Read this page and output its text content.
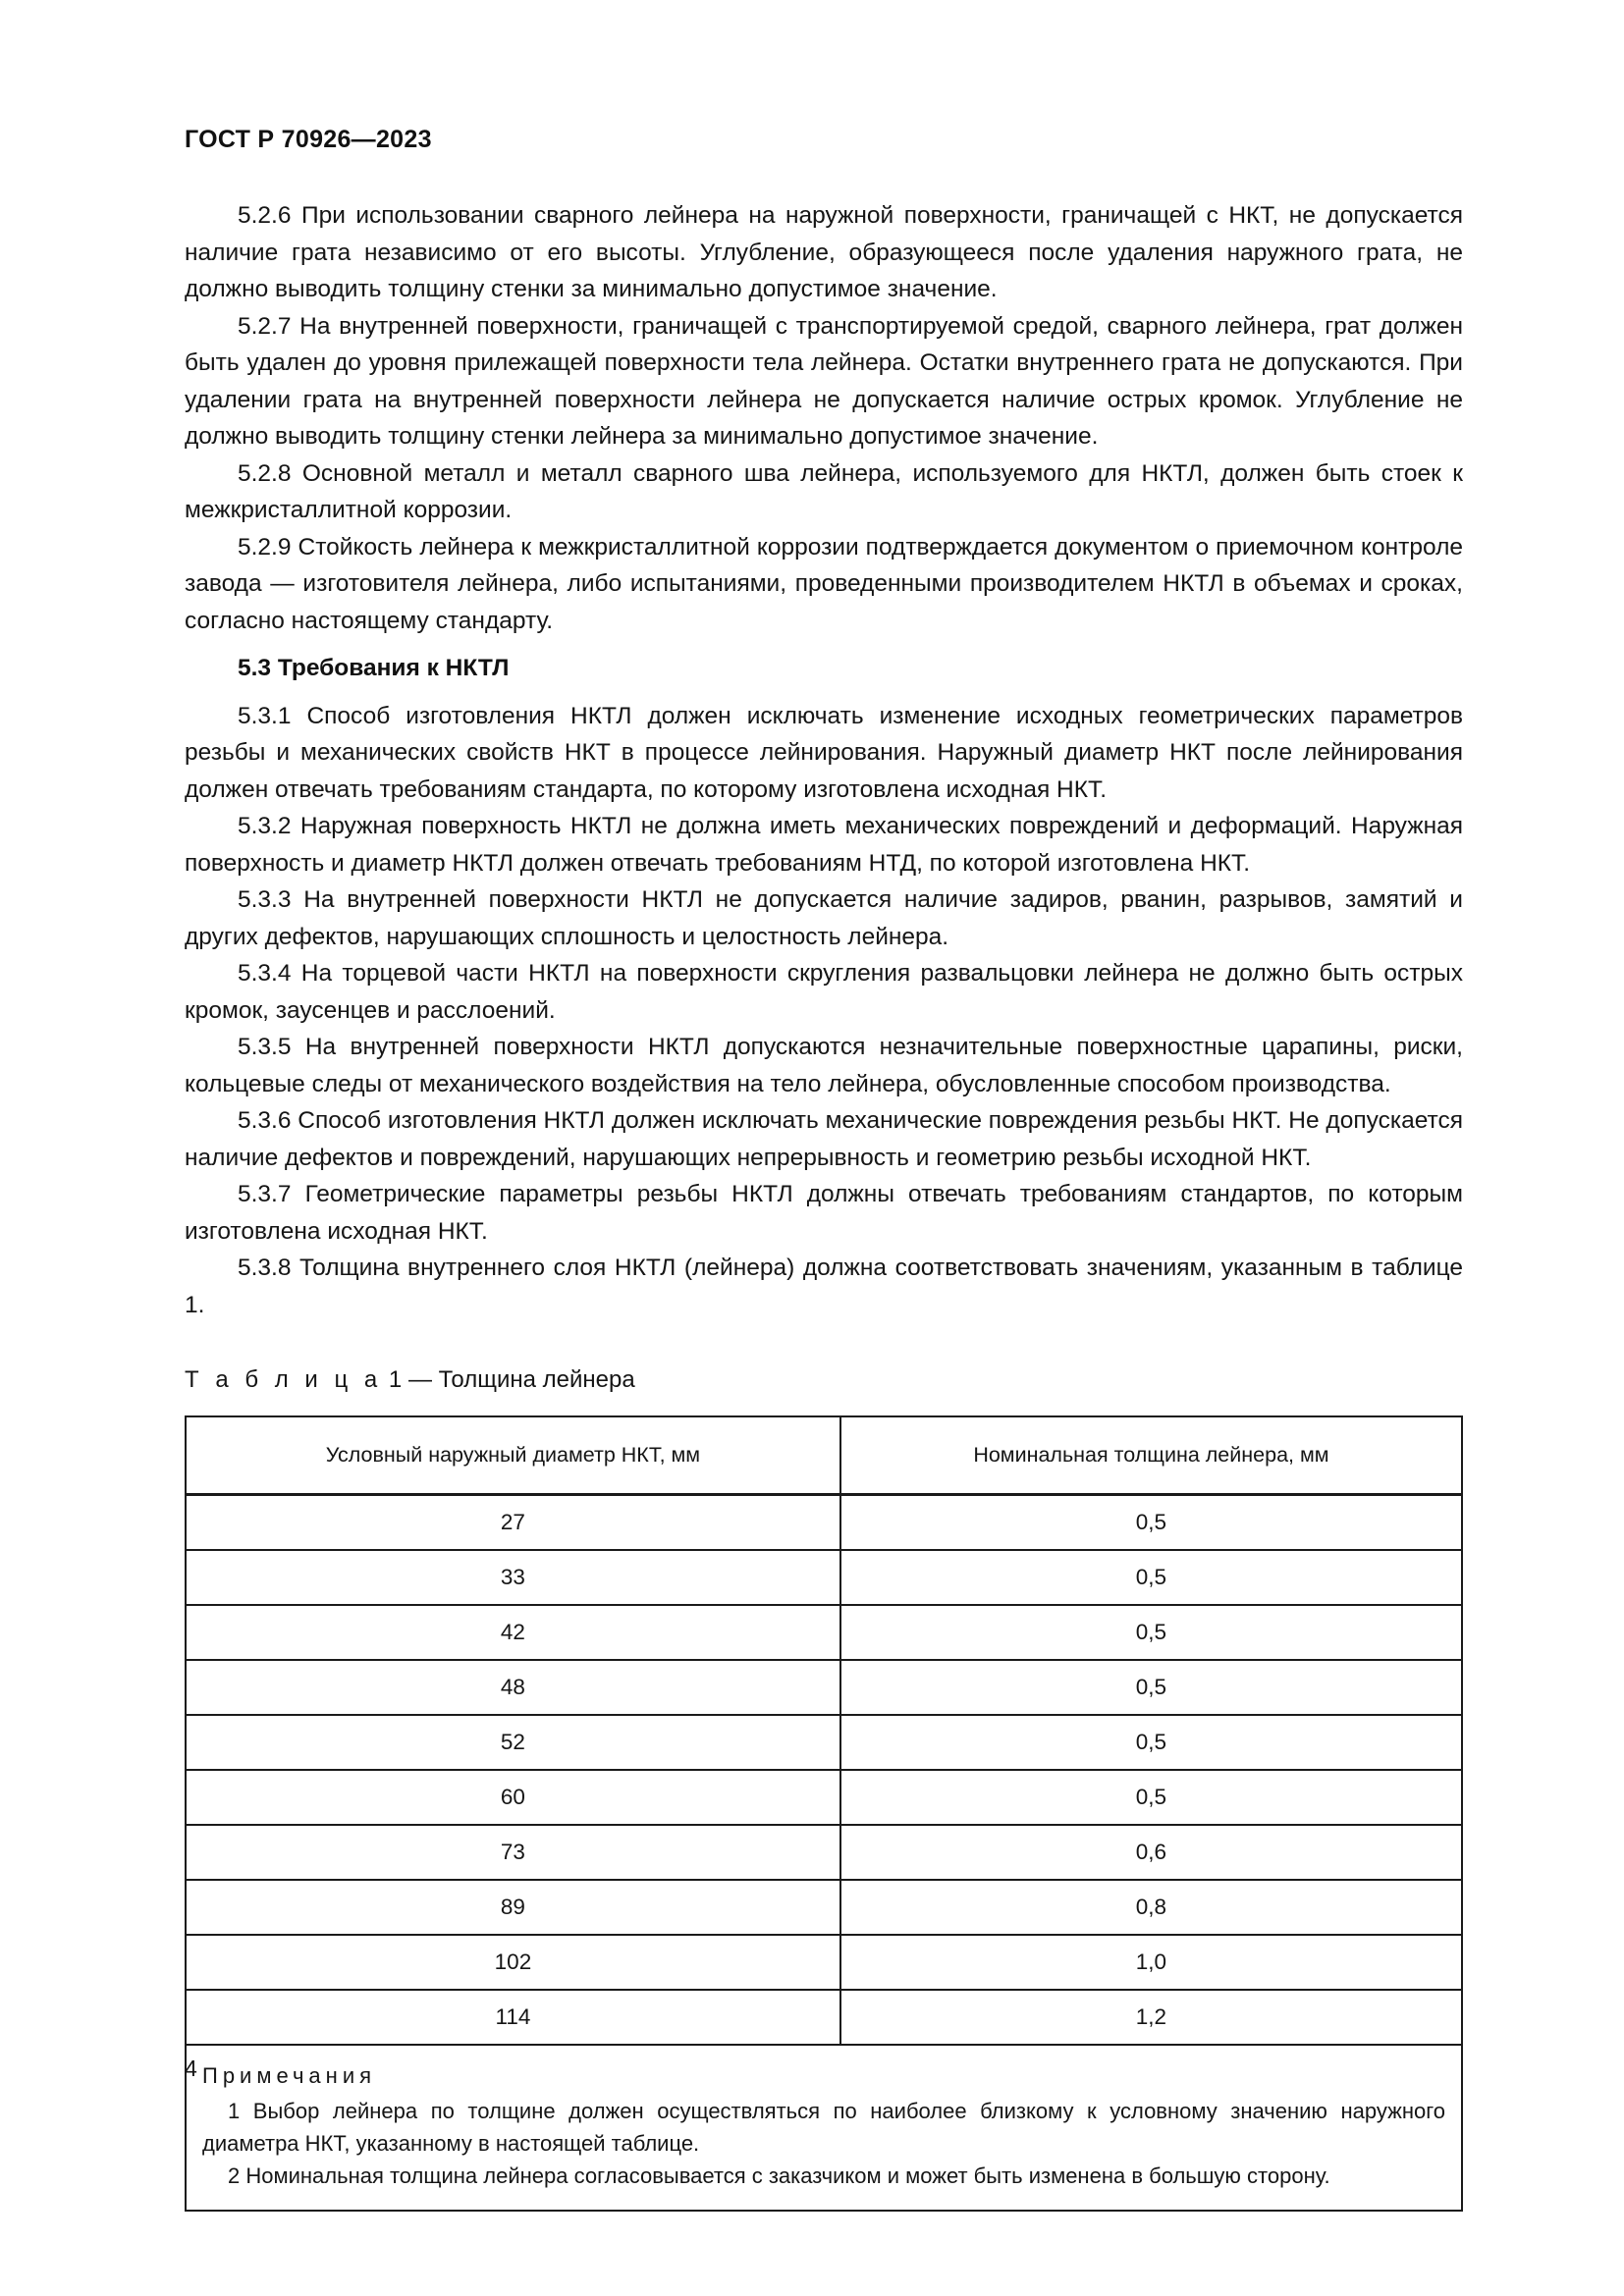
ГОСТ Р 70926—2023

5.2.6 При использовании сварного лейнера на наружной поверхности, граничащей с НКТ, не допускается наличие грата независимо от его высоты. Углубление, образующееся после удаления наружного грата, не должно выводить толщину стенки за минимально допустимое значение.

5.2.7 На внутренней поверхности, граничащей с транспортируемой средой, сварного лейнера, грат должен быть удален до уровня прилежащей поверхности тела лейнера. Остатки внутреннего грата не допускаются. При удалении грата на внутренней поверхности лейнера не допускается наличие острых кромок. Углубление не должно выводить толщину стенки лейнера за минимально допустимое значение.

5.2.8 Основной металл и металл сварного шва лейнера, используемого для НКТЛ, должен быть стоек к межкристаллитной коррозии.

5.2.9 Стойкость лейнера к межкристаллитной коррозии подтверждается документом о приемочном контроле завода — изготовителя лейнера, либо испытаниями, проведенными производителем НКТЛ в объемах и сроках, согласно настоящему стандарту.

5.3 Требования к НКТЛ

5.3.1 Способ изготовления НКТЛ должен исключать изменение исходных геометрических параметров резьбы и механических свойств НКТ в процессе лейнирования. Наружный диаметр НКТ после лейнирования должен отвечать требованиям стандарта, по которому изготовлена исходная НКТ.

5.3.2 Наружная поверхность НКТЛ не должна иметь механических повреждений и деформаций. Наружная поверхность и диаметр НКТЛ должен отвечать требованиям НТД, по которой изготовлена НКТ.

5.3.3 На внутренней поверхности НКТЛ не допускается наличие задиров, рванин, разрывов, замятий и других дефектов, нарушающих сплошность и целостность лейнера.

5.3.4 На торцевой части НКТЛ на поверхности скругления развальцовки лейнера не должно быть острых кромок, заусенцев и расслоений.

5.3.5 На внутренней поверхности НКТЛ допускаются незначительные поверхностные царапины, риски, кольцевые следы от механического воздействия на тело лейнера, обусловленные способом производства.

5.3.6 Способ изготовления НКТЛ должен исключать механические повреждения резьбы НКТ. Не допускается наличие дефектов и повреждений, нарушающих непрерывность и геометрию резьбы исходной НКТ.

5.3.7 Геометрические параметры резьбы НКТЛ должны отвечать требованиям стандартов, по которым изготовлена исходная НКТ.

5.3.8 Толщина внутреннего слоя НКТЛ (лейнера) должна соответствовать значениям, указанным в таблице 1.

Т а б л и ц а 1 — Толщина лейнера
Условный наружный диаметр НКТ, мм	Номинальная толщина лейнера, мм
27	0,5
33	0,5
42	0,5
48	0,5
52	0,5
60	0,5
73	0,6
89	0,8
102	1,0
114	1,2

Примечания

1 Выбор лейнера по толщине должен осуществляться по наиболее близкому к условному значению наружного диаметра НКТ, указанному в настоящей таблице.

2 Номинальная толщина лейнера согласовывается с заказчиком и может быть изменена в большую сторону.	

4
